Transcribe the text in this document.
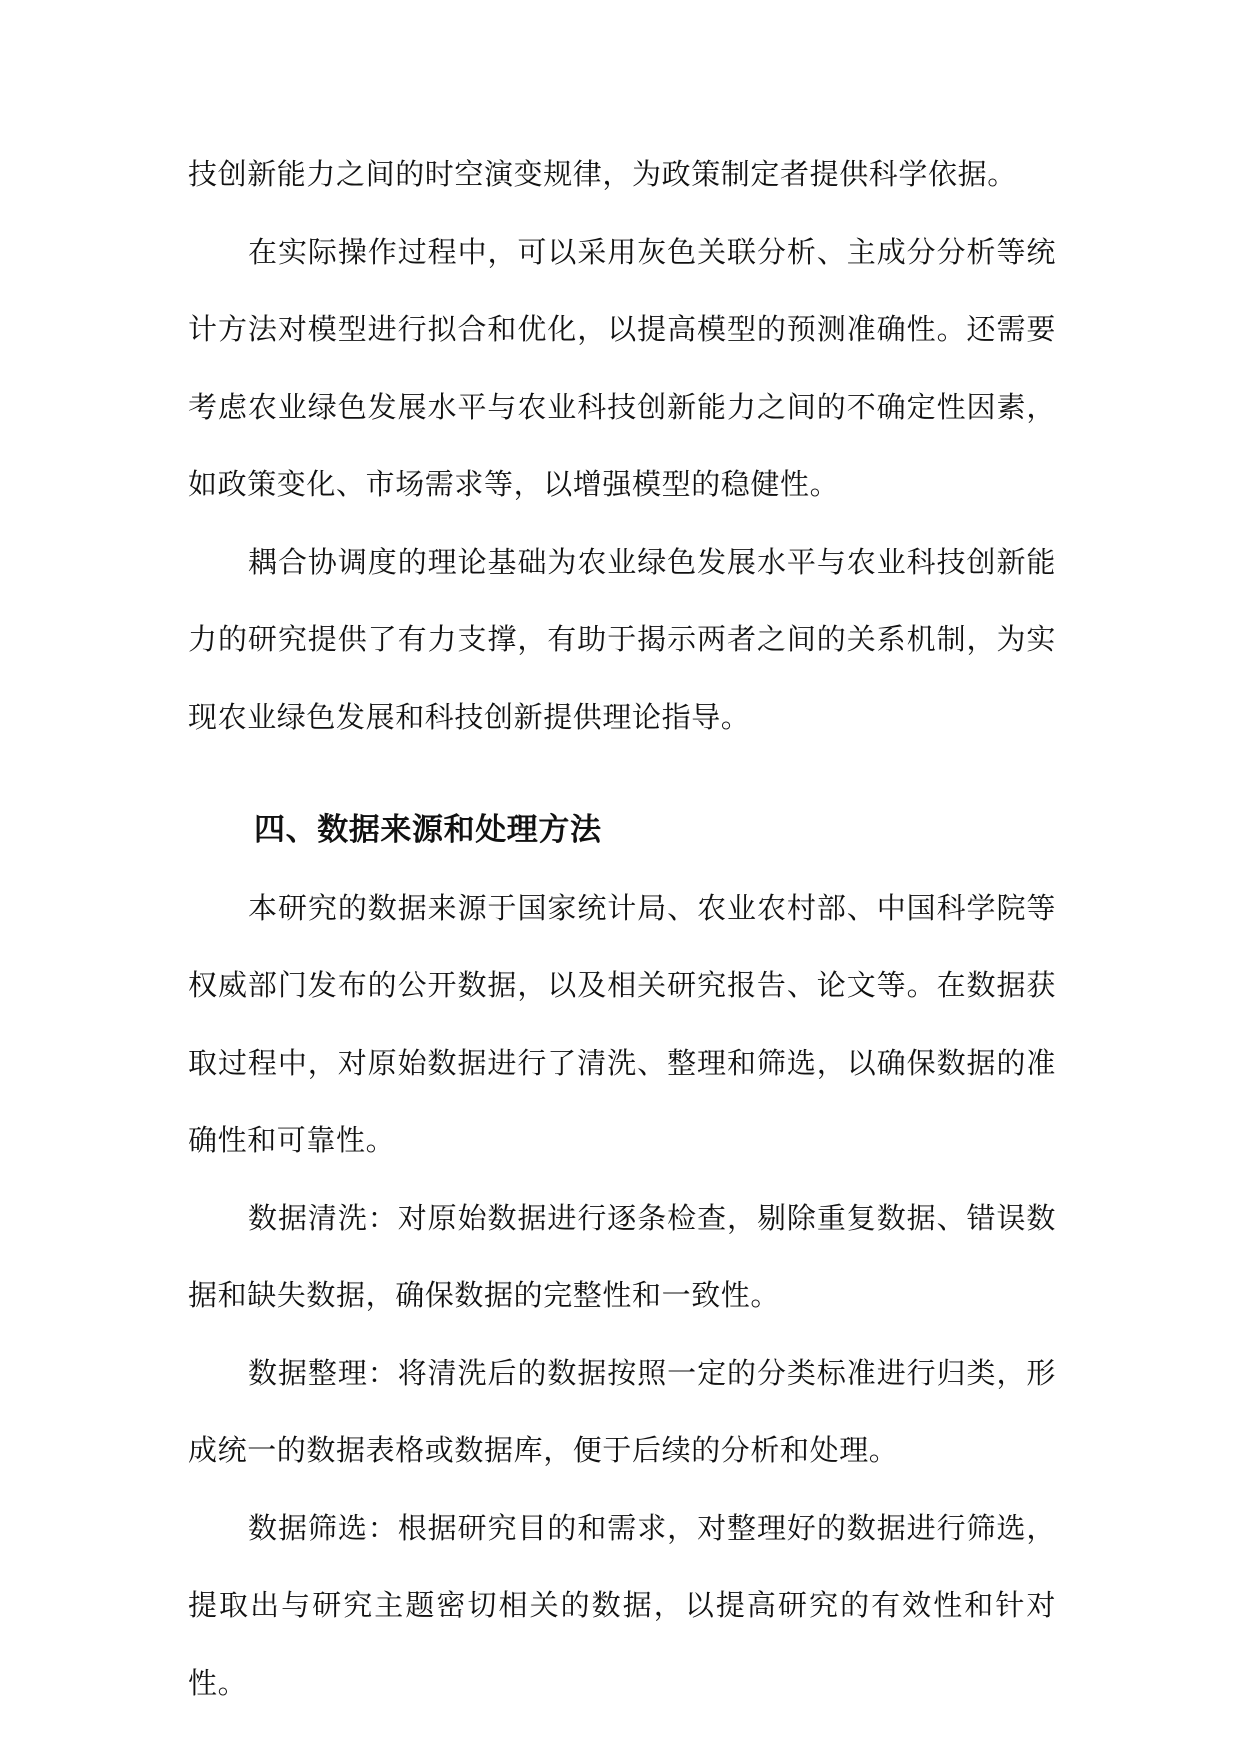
技创新能力之间的时空演变规律，为政策制定者提供科学依据。

在实际操作过程中，可以采用灰色关联分析、主成分分析等统计方法对模型进行拟合和优化，以提高模型的预测准确性。还需要考虑农业绿色发展水平与农业科技创新能力之间的不确定性因素，如政策变化、市场需求等，以增强模型的稳健性。

耦合协调度的理论基础为农业绿色发展水平与农业科技创新能力的研究提供了有力支撑，有助于揭示两者之间的关系机制，为实现农业绿色发展和科技创新提供理论指导。

四、数据来源和处理方法

本研究的数据来源于国家统计局、农业农村部、中国科学院等权威部门发布的公开数据，以及相关研究报告、论文等。在数据获取过程中，对原始数据进行了清洗、整理和筛选，以确保数据的准确性和可靠性。

数据清洗：对原始数据进行逐条检查，剔除重复数据、错误数据和缺失数据，确保数据的完整性和一致性。

数据整理：将清洗后的数据按照一定的分类标准进行归类，形成统一的数据表格或数据库，便于后续的分析和处理。

数据筛选：根据研究目的和需求，对整理好的数据进行筛选，提取出与研究主题密切相关的数据，以提高研究的有效性和针对性。
